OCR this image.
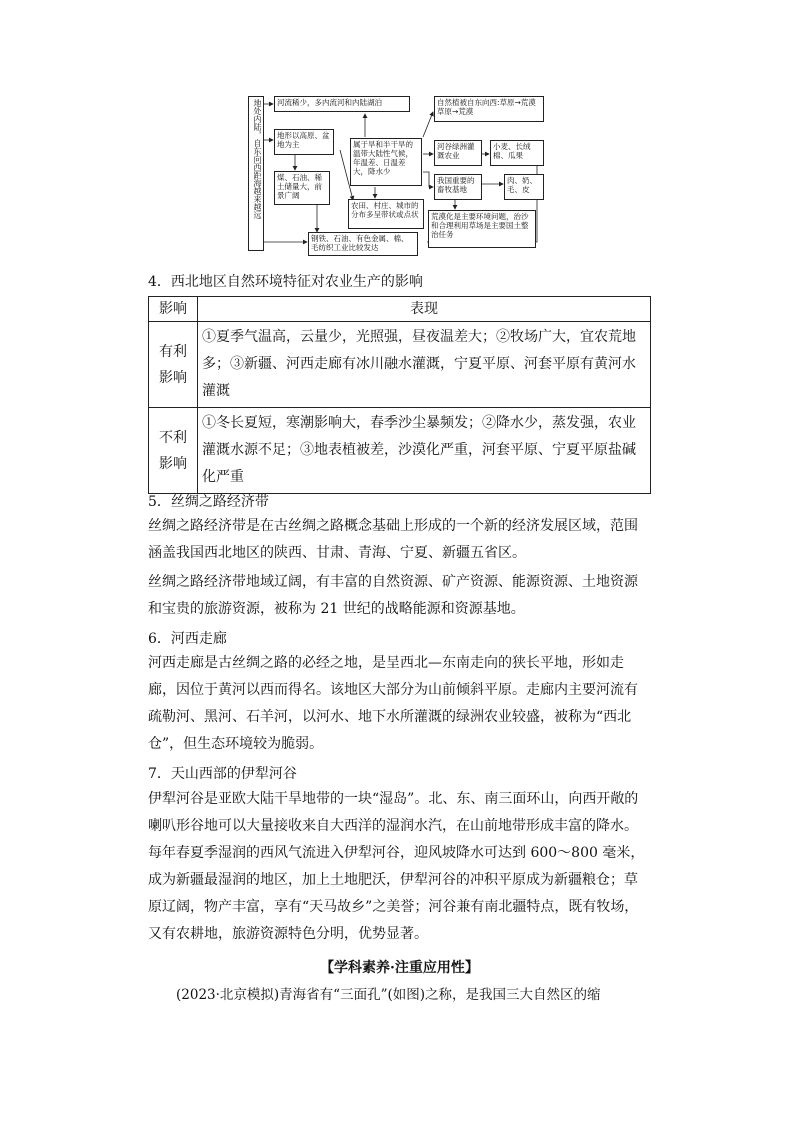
地处内陆，自东向西距海越来越远	河流稀少，多内流河和内陆湖泊
地形以高原、盆地为主
煤、石油、稀土储量大，前景广阔
属于旱和半干旱的温带大陆性气候，年温差、日温差大，降水少
自然植被自东向西:草原→荒漠草原→荒漠
河谷绿洲灌溉农业
小麦、长绒棉、瓜果
我国重要的畜牧基地
肉、奶、毛、皮
农田、村庄、城市的分布多呈带状或点状	荒漠化是主要环境问题，治沙和合理利用草场是主要国土整治任务
钢铁、石油、有色金属、棉、毛纺织工业比较发达
4．西北地区自然环境特征对农业生产的影响
影响	表现
有利
影响	①夏季气温高，云量少，光照强，昼夜温差大；②牧场广大，宜农荒地多；③新疆、河西走廊有冰川融水灌溉，宁夏平原、河套平原有黄河水灌溉
不利
影响	①冬长夏短，寒潮影响大，春季沙尘暴频发；②降水少，蒸发强，农业灌溉水源不足；③地表植被差，沙漠化严重，河套平原、宁夏平原盐碱化严重
5．丝绸之路经济带

丝绸之路经济带是在古丝绸之路概念基础上形成的一个新的经济发展区域，范围涵盖我国西北地区的陕西、甘肃、青海、宁夏、新疆五省区。

丝绸之路经济带地域辽阔，有丰富的自然资源、矿产资源、能源资源、土地资源和宝贵的旅游资源，被称为 21 世纪的战略能源和资源基地。

6．河西走廊

河西走廊是古丝绸之路的必经之地，是呈西北—东南走向的狭长平地，形如走廊，因位于黄河以西而得名。该地区大部分为山前倾斜平原。走廊内主要河流有疏勒河、黑河、石羊河，以河水、地下水所灌溉的绿洲农业较盛，被称为“西北仓”，但生态环境较为脆弱。

7．天山西部的伊犁河谷

伊犁河谷是亚欧大陆干旱地带的一块“湿岛”。北、东、南三面环山，向西开敞的喇叭形谷地可以大量接收来自大西洋的湿润水汽，在山前地带形成丰富的降水。每年春夏季湿润的西风气流进入伊犁河谷，迎风坡降水可达到 600～800 毫米，成为新疆最湿润的地区，加上土地肥沃，伊犁河谷的冲积平原成为新疆粮仓；草原辽阔，物产丰富，享有“天马故乡”之美誉；河谷兼有南北疆特点，既有牧场，又有农耕地，旅游资源特色分明，优势显著。

【学科素养·注重应用性】
(2023·北京模拟)青海省有“三面孔”(如图)之称，是我国三大自然区的缩
